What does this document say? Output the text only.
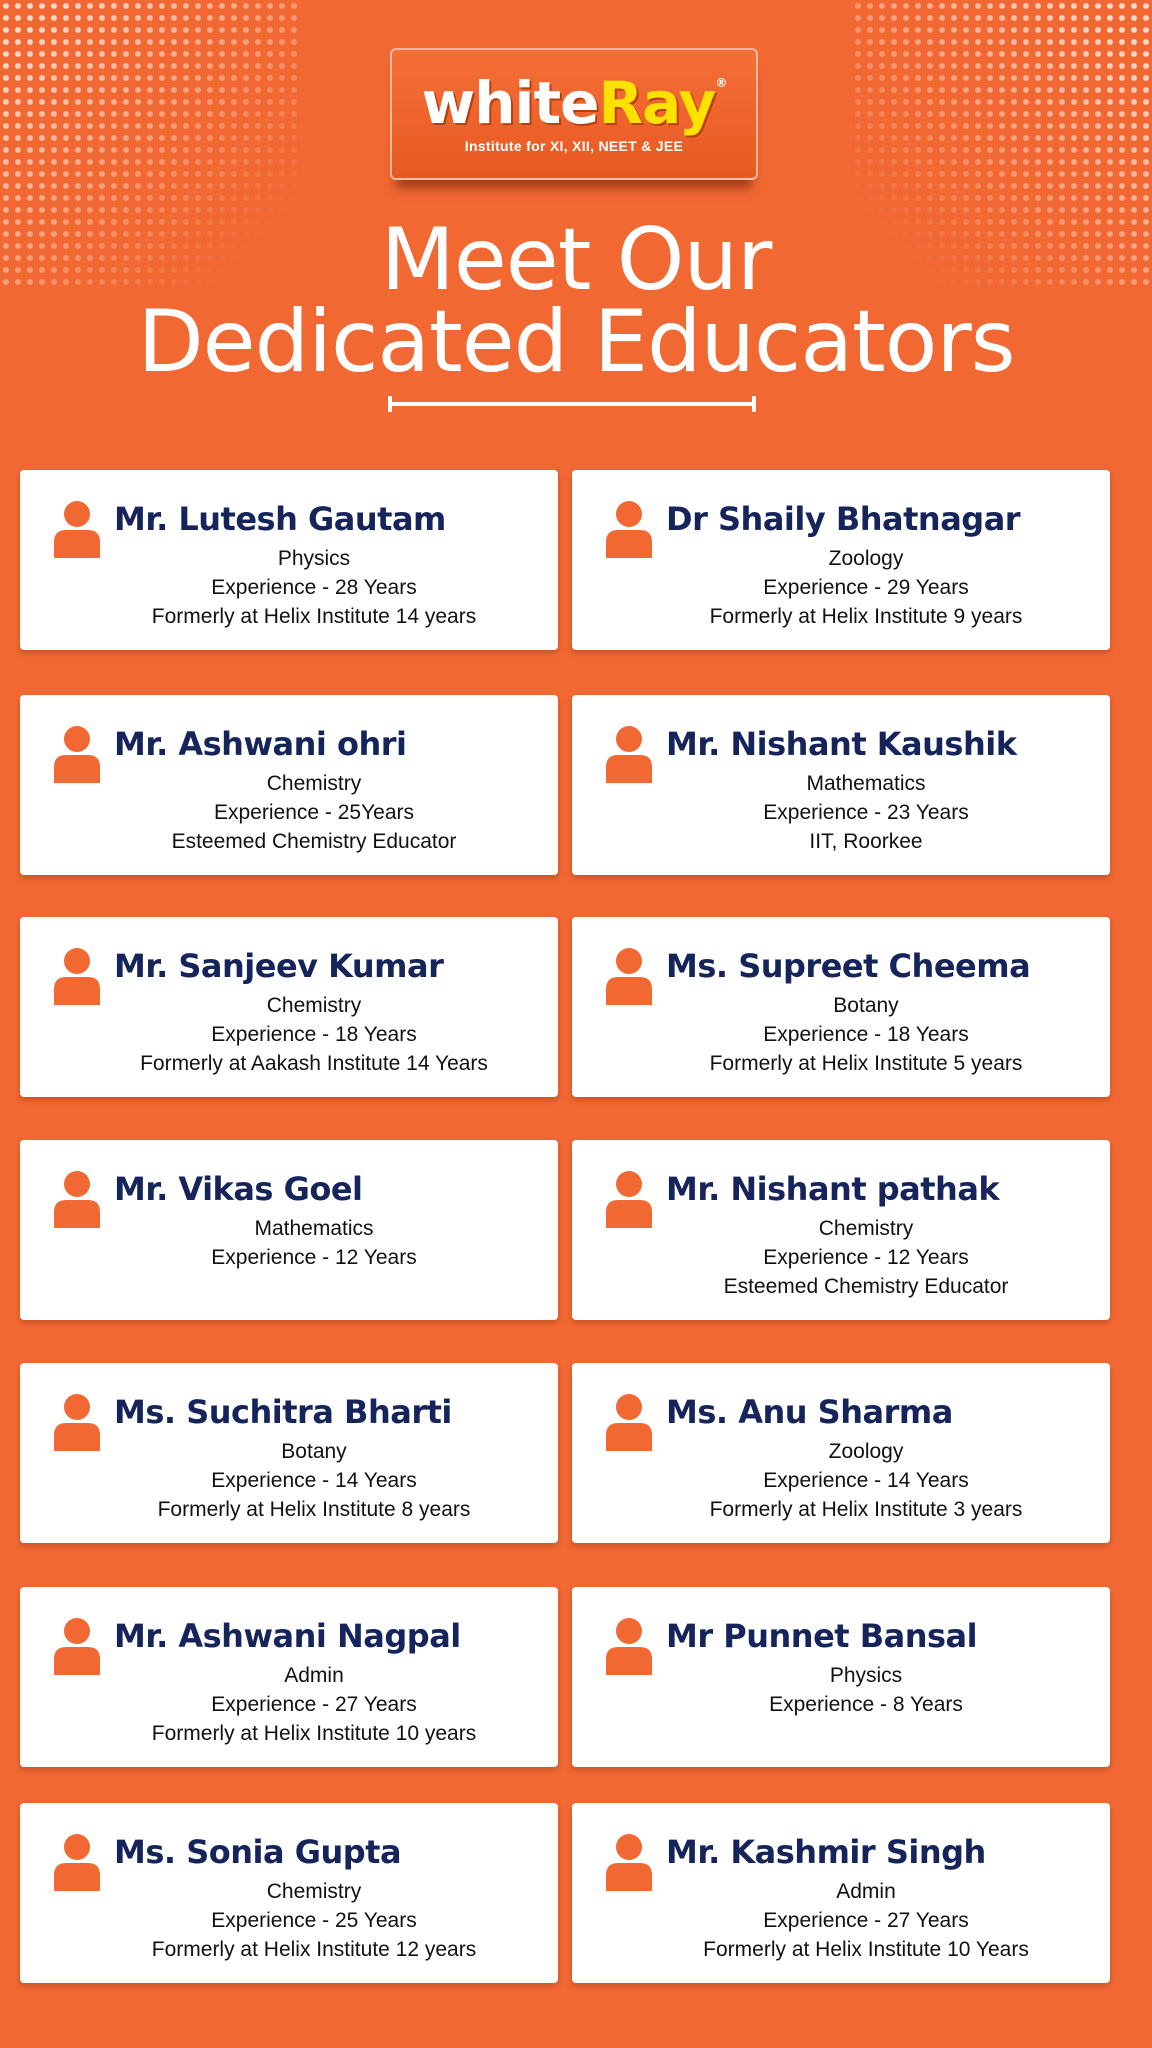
whiteRay®
Institute for XI, XII, NEET & JEE
Meet Our
Dedicated Educators
Mr. Lutesh Gautam
Physics
Experience - 28 Years
Formerly at Helix Institute 14 years
Dr Shaily Bhatnagar
Zoology
Experience - 29 Years
Formerly at Helix Institute 9 years
Mr. Ashwani ohri
Chemistry
Experience - 25Years
Esteemed Chemistry Educator
Mr. Nishant Kaushik
Mathematics
Experience - 23 Years
IIT, Roorkee
Mr. Sanjeev Kumar
Chemistry
Experience - 18 Years
Formerly at Aakash Institute 14 Years
Ms. Supreet Cheema
Botany
Experience - 18 Years
Formerly at Helix Institute 5 years
Mr. Vikas Goel
Mathematics
Experience - 12 Years
Mr. Nishant pathak
Chemistry
Experience - 12 Years
Esteemed Chemistry Educator
Ms. Suchitra Bharti
Botany
Experience - 14 Years
Formerly at Helix Institute 8 years
Ms. Anu Sharma
Zoology
Experience - 14 Years
Formerly at Helix Institute 3 years
Mr. Ashwani Nagpal
Admin
Experience - 27 Years
Formerly at Helix Institute 10 years
Mr Punnet Bansal
Physics
Experience - 8 Years
Ms. Sonia Gupta
Chemistry
Experience - 25 Years
Formerly at Helix Institute 12 years
Mr. Kashmir Singh
Admin
Experience - 27 Years
Formerly at Helix Institute 10 Years
